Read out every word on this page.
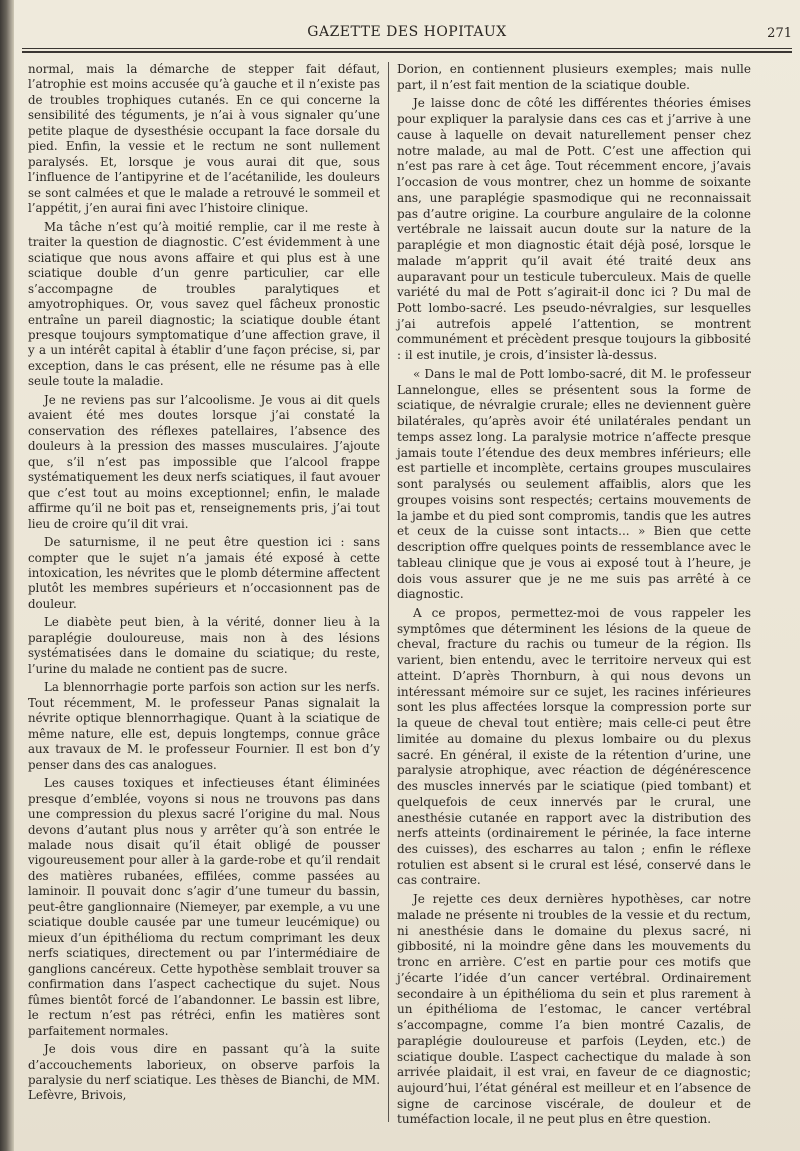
GAZETTE DES HOPITAUX	271

normal, mais la démarche de stepper fait défaut, l’atrophie est moins accusée qu’à gauche et il n’existe pas de troubles trophiques cutanés. En ce qui concerne la sensibilité des téguments, je n’ai à vous signaler qu’une petite plaque de dysesthésie occupant la face dorsale du pied. Enfin, la vessie et le rectum ne sont nullement paralysés. Et, lorsque je vous aurai dit que, sous l’influence de l’antipyrine et de l’acétanilide, les douleurs se sont calmées et que le malade a retrouvé le sommeil et l’appétit, j’en aurai fini avec l’histoire clinique.

Ma tâche n’est qu’à moitié remplie, car il me reste à traiter la question de diagnostic. C’est évidemment à une sciatique que nous avons affaire et qui plus est à une sciatique double d’un genre particulier, car elle s’accompagne de troubles paralytiques et amyotrophiques. Or, vous savez quel fâcheux pronostic entraîne un pareil diagnostic; la sciatique double étant presque toujours symptomatique d’une affection grave, il y a un intérêt capital à établir d’une façon précise, si, par exception, dans le cas présent, elle ne résume pas à elle seule toute la maladie.

Je ne reviens pas sur l’alcoolisme. Je vous ai dit quels avaient été mes doutes lorsque j’ai constaté la conservation des réflexes patellaires, l’absence des douleurs à la pression des masses musculaires. J’ajoute que, s’il n’est pas impossible que l’alcool frappe systématiquement les deux nerfs sciatiques, il faut avouer que c’est tout au moins exceptionnel; enfin, le malade affirme qu’il ne boit pas et, renseignements pris, j’ai tout lieu de croire qu’il dit vrai.

De saturnisme, il ne peut être question ici : sans compter que le sujet n’a jamais été exposé à cette intoxication, les névrites que le plomb détermine affectent plutôt les membres supérieurs et n’occasionnent pas de douleur.

Le diabète peut bien, à la vérité, donner lieu à la paraplégie douloureuse, mais non à des lésions systématisées dans le domaine du sciatique; du reste, l’urine du malade ne contient pas de sucre.

La blennorrhagie porte parfois son action sur les nerfs. Tout récemment, M. le professeur Panas signalait la névrite optique blennorrhagique. Quant à la sciatique de même nature, elle est, depuis longtemps, connue grâce aux travaux de M. le professeur Fournier. Il est bon d’y penser dans des cas analogues.

Les causes toxiques et infectieuses étant éliminées presque d’emblée, voyons si nous ne trouvons pas dans une compression du plexus sacré l’origine du mal. Nous devons d’autant plus nous y arrêter qu’à son entrée le malade nous disait qu’il était obligé de pousser vigoureusement pour aller à la garde-robe et qu’il rendait des matières rubanées, effilées, comme passées au laminoir. Il pouvait donc s’agir d’une tumeur du bassin, peut-être ganglionnaire (Niemeyer, par exemple, a vu une sciatique double causée par une tumeur leucémique) ou mieux d’un épithélioma du rectum comprimant les deux nerfs sciatiques, directement ou par l’intermédiaire de ganglions cancéreux. Cette hypothèse semblait trouver sa confirmation dans l’aspect cachectique du sujet. Nous fûmes bientôt forcé de l’abandonner. Le bassin est libre, le rectum n’est pas rétréci, enfin les matières sont parfaitement normales.

Je dois vous dire en passant qu’à la suite d’accouchements laborieux, on observe parfois la paralysie du nerf sciatique. Les thèses de Bianchi, de MM. Lefèvre, Brivois,

Dorion, en contiennent plusieurs exemples; mais nulle part, il n’est fait mention de la sciatique double.

Je laisse donc de côté les différentes théories émises pour expliquer la paralysie dans ces cas et j’arrive à une cause à laquelle on devait naturellement penser chez notre malade, au mal de Pott. C’est une affection qui n’est pas rare à cet âge. Tout récemment encore, j’avais l’occasion de vous montrer, chez un homme de soixante ans, une paraplégie spasmodique qui ne reconnaissait pas d’autre origine. La courbure angulaire de la colonne vertébrale ne laissait aucun doute sur la nature de la paraplégie et mon diagnostic était déjà posé, lorsque le malade m’apprit qu’il avait été traité deux ans auparavant pour un testicule tuberculeux. Mais de quelle variété du mal de Pott s’agirait-il donc ici ? Du mal de Pott lombo-sacré. Les pseudo-névralgies, sur lesquelles j’ai autrefois appelé l’attention, se montrent communément et précèdent presque toujours la gibbosité : il est inutile, je crois, d’insister là-dessus.

« Dans le mal de Pott lombo-sacré, dit M. le professeur Lannelongue, elles se présentent sous la forme de sciatique, de névralgie crurale; elles ne deviennent guère bilatérales, qu’après avoir été unilatérales pendant un temps assez long. La paralysie motrice n’affecte presque jamais toute l’étendue des deux membres inférieurs; elle est partielle et incomplète, certains groupes musculaires sont paralysés ou seulement affaiblis, alors que les groupes voisins sont respectés; certains mouvements de la jambe et du pied sont compromis, tandis que les autres et ceux de la cuisse sont intacts... » Bien que cette description offre quelques points de ressemblance avec le tableau clinique que je vous ai exposé tout à l’heure, je dois vous assurer que je ne me suis pas arrêté à ce diagnostic.

A ce propos, permettez-moi de vous rappeler les symptômes que déterminent les lésions de la queue de cheval, fracture du rachis ou tumeur de la région. Ils varient, bien entendu, avec le territoire nerveux qui est atteint. D’après Thornburn, à qui nous devons un intéressant mémoire sur ce sujet, les racines inférieures sont les plus affectées lorsque la compression porte sur la queue de cheval tout entière; mais celle-ci peut être limitée au domaine du plexus lombaire ou du plexus sacré. En général, il existe de la rétention d’urine, une paralysie atrophique, avec réaction de dégénérescence des muscles innervés par le sciatique (pied tombant) et quelquefois de ceux innervés par le crural, une anesthésie cutanée en rapport avec la distribution des nerfs atteints (ordinairement le périnée, la face interne des cuisses), des escharres au talon ; enfin le réflexe rotulien est absent si le crural est lésé, conservé dans le cas contraire.

Je rejette ces deux dernières hypothèses, car notre malade ne présente ni troubles de la vessie et du rectum, ni anesthésie dans le domaine du plexus sacré, ni gibbosité, ni la moindre gêne dans les mouvements du tronc en arrière. C’est en partie pour ces motifs que j’écarte l’idée d’un cancer vertébral. Ordinairement secondaire à un épithélioma du sein et plus rarement à un épithélioma de l’estomac, le cancer vertébral s’accompagne, comme l’a bien montré Cazalis, de paraplégie douloureuse et parfois (Leyden, etc.) de sciatique double. L’aspect cachectique du malade à son arrivée plaidait, il est vrai, en faveur de ce diagnostic; aujourd’hui, l’état général est meilleur et en l’absence de signe de carcinose viscérale, de douleur et de tuméfaction locale, il ne peut plus en être question.
